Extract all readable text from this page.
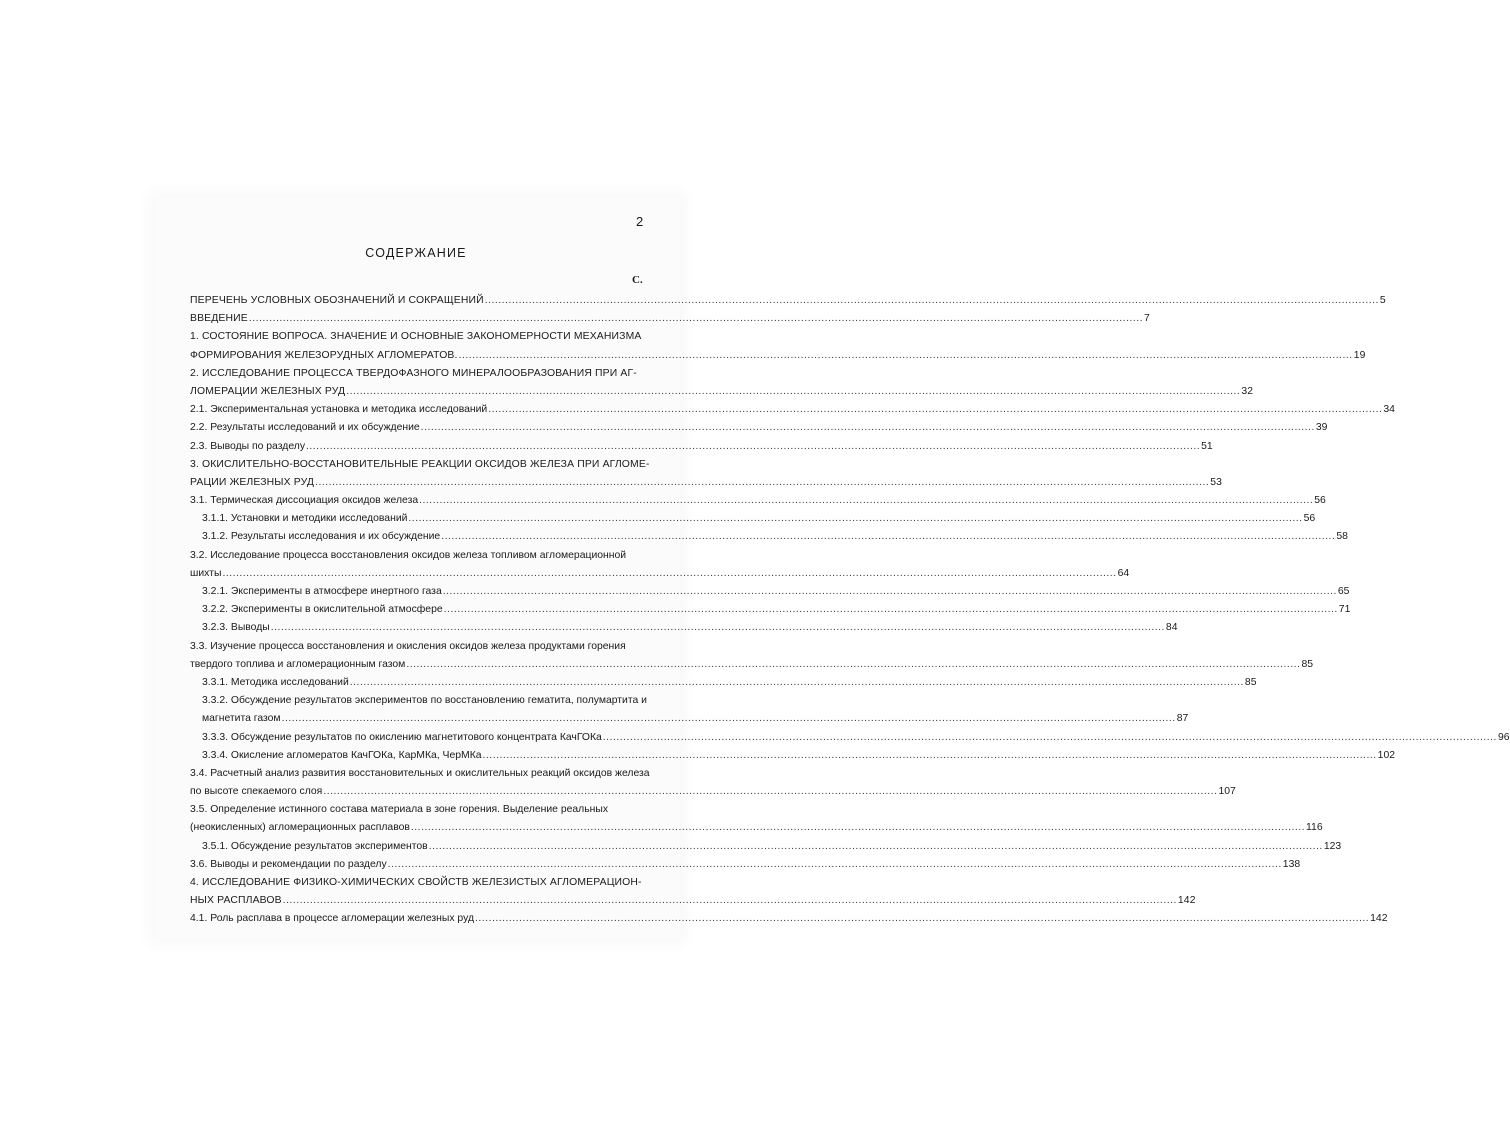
2
СОДЕРЖАНИЕ
С.
ПЕРЕЧЕНЬ УСЛОВНЫХ ОБОЗНАЧЕНИЙ И СОКРАЩЕНИЙ .....	5
ВВЕДЕНИЕ .....	7
1. СОСТОЯНИЕ ВОПРОСА. ЗНАЧЕНИЕ И ОСНОВНЫЕ ЗАКОНОМЕРНОСТИ МЕХАНИЗМА
ФОРМИРОВАНИЯ ЖЕЛЕЗОРУДНЫХ АГЛОМЕРАТОВ. .....	19
2. ИССЛЕДОВАНИЕ ПРОЦЕССА ТВЕРДОФАЗНОГО МИНЕРАЛООБРАЗОВАНИЯ ПРИ АГ-
ЛОМЕРАЦИИ ЖЕЛЕЗНЫХ РУД .....	32
2.1. Экспериментальная установка и методика исследований .....	34
2.2. Результаты исследований и их обсуждение .....	39
2.3. Выводы по разделу .....	51
3. ОКИСЛИТЕЛЬНО-ВОССТАНОВИТЕЛЬНЫЕ РЕАКЦИИ ОКСИДОВ ЖЕЛЕЗА ПРИ АГЛОМЕ-
РАЦИИ ЖЕЛЕЗНЫХ РУД .....	53
3.1. Термическая диссоциация оксидов железа .....	56
3.1.1. Установки и методики исследований .....	56
3.1.2. Результаты исследования и их обсуждение .....	58
3.2. Исследование процесса восстановления оксидов железа топливом агломерационной
шихты .....	64
3.2.1. Эксперименты в атмосфере инертного газа .....	65
3.2.2. Эксперименты в окислительной атмосфере .....	71
3.2.3. Выводы .....	84
3.3. Изучение процесса восстановления и окисления оксидов железа продуктами горения
твердого топлива и агломерационным газом .....	85
3.3.1. Методика исследований .....	85
3.3.2. Обсуждение результатов экспериментов по восстановлению гематита, полумартита и
магнетита газом .....	87
3.3.3. Обсуждение результатов по окислению магнетитового концентрата КачГОКа .....	96
3.3.4. Окисление агломератов КачГОКа, КарМКа, ЧерМКа .....	102
3.4. Расчетный анализ развития восстановительных и окислительных реакций оксидов железа
по высоте спекаемого слоя .....	107
3.5. Определение истинного состава материала в зоне горения. Выделение реальных
(неокисленных) агломерационных расплавов .....	116
3.5.1. Обсуждение результатов экспериментов .....	123
3.6. Выводы и рекомендации по разделу .....	138
4. ИССЛЕДОВАНИЕ ФИЗИКО-ХИМИЧЕСКИХ СВОЙСТВ ЖЕЛЕЗИСТЫХ АГЛОМЕРАЦИОН-
НЫХ РАСПЛАВОВ .....	142
4.1. Роль расплава в процессе агломерации железных руд .....	142
